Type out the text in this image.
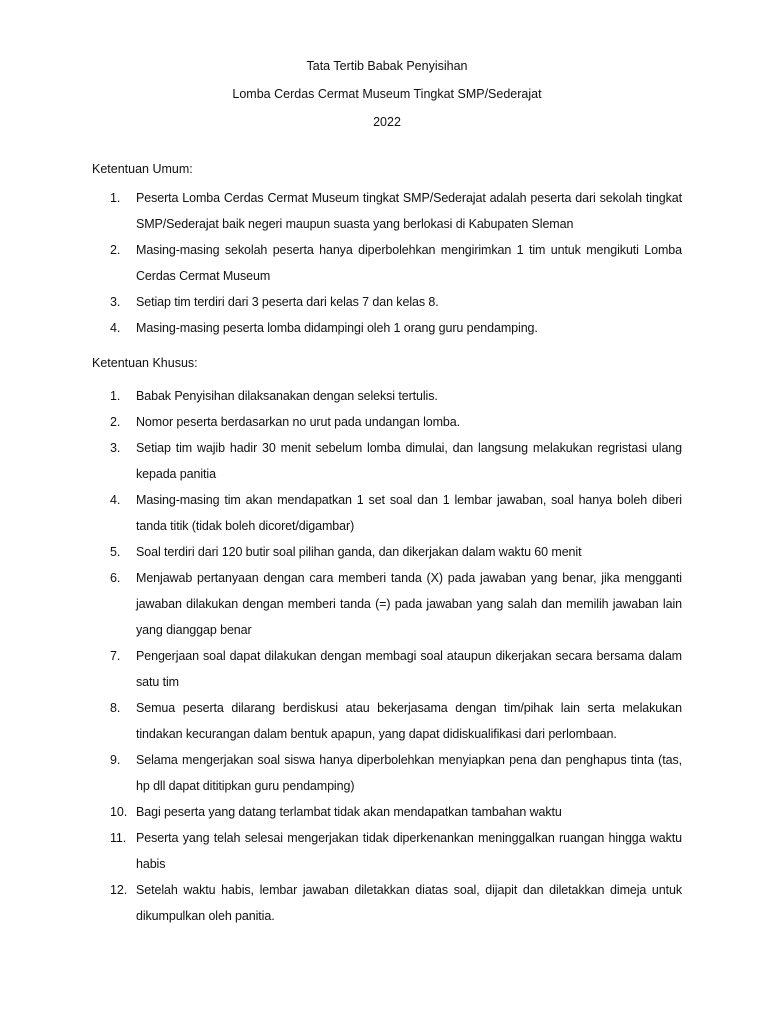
Tata Tertib Babak Penyisihan
Lomba Cerdas Cermat Museum Tingkat SMP/Sederajat
2022
Ketentuan Umum:
1. Peserta Lomba Cerdas Cermat Museum tingkat SMP/Sederajat adalah peserta dari sekolah tingkat SMP/Sederajat baik negeri maupun suasta yang berlokasi di Kabupaten Sleman
2. Masing-masing sekolah peserta hanya diperbolehkan mengirimkan 1 tim untuk mengikuti Lomba Cerdas Cermat Museum
3. Setiap tim terdiri dari 3 peserta dari kelas 7 dan kelas 8.
4. Masing-masing peserta lomba didampingi oleh 1 orang guru pendamping.
Ketentuan Khusus:
1. Babak Penyisihan dilaksanakan dengan seleksi tertulis.
2. Nomor peserta berdasarkan no urut pada undangan lomba.
3. Setiap tim wajib hadir 30 menit sebelum lomba dimulai, dan langsung melakukan regristasi ulang kepada panitia
4. Masing-masing tim akan mendapatkan 1 set soal dan 1 lembar jawaban, soal hanya boleh diberi tanda titik (tidak boleh dicoret/digambar)
5. Soal terdiri dari 120 butir soal pilihan ganda, dan dikerjakan dalam waktu 60 menit
6. Menjawab pertanyaan dengan cara memberi tanda (X) pada jawaban yang benar, jika mengganti jawaban dilakukan dengan memberi tanda (=) pada jawaban yang salah dan memilih jawaban lain yang dianggap benar
7. Pengerjaan soal dapat dilakukan dengan membagi soal ataupun dikerjakan secara bersama dalam satu tim
8. Semua peserta dilarang berdiskusi atau bekerjasama dengan tim/pihak lain serta melakukan tindakan kecurangan dalam bentuk apapun, yang dapat didiskualifikasi dari perlombaan.
9. Selama mengerjakan soal siswa hanya diperbolehkan menyiapkan pena dan penghapus tinta (tas, hp dll dapat dititipkan guru pendamping)
10. Bagi peserta yang datang terlambat tidak akan mendapatkan tambahan waktu
11. Peserta yang telah selesai mengerjakan tidak diperkenankan meninggalkan ruangan hingga waktu habis
12. Setelah waktu habis, lembar jawaban diletakkan diatas soal, dijapit dan diletakkan dimeja untuk dikumpulkan oleh panitia.
